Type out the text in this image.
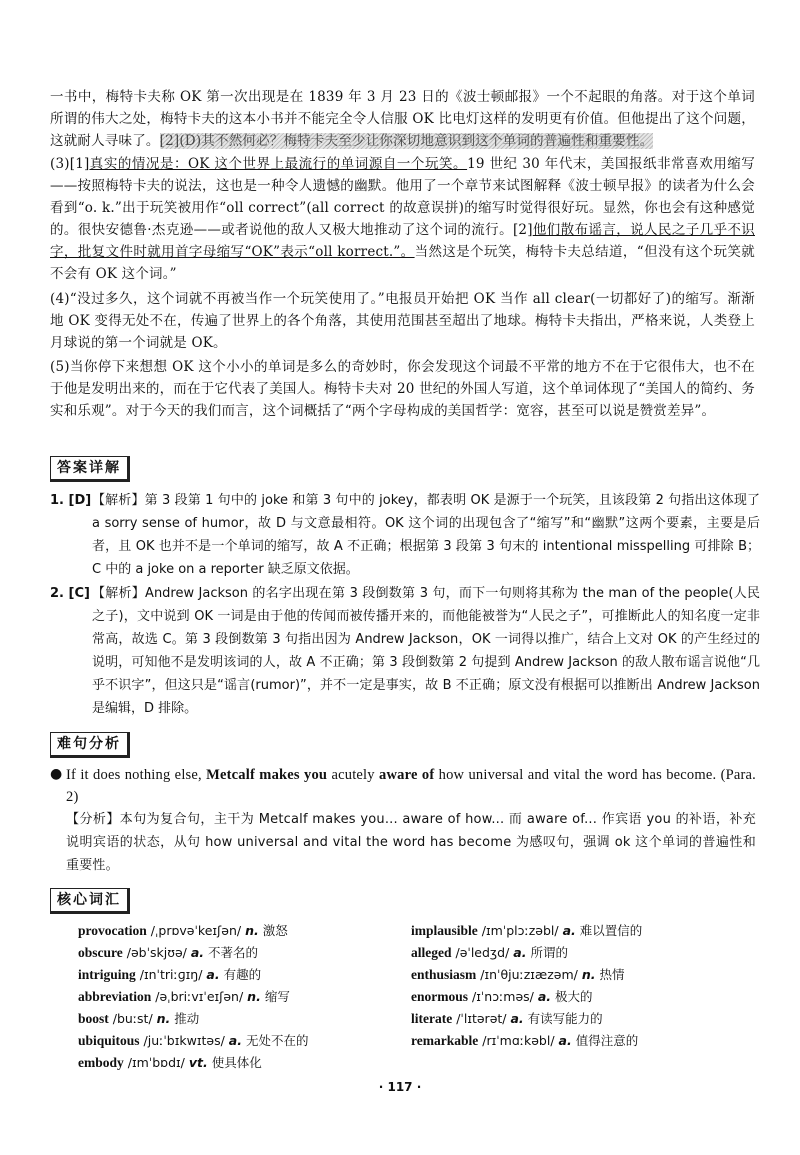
一书中，梅特卡夫称 OK 第一次出现是在 1839 年 3 月 23 日的《波士顿邮报》一个不起眼的角落。对于这个单词所谓的伟大之处，梅特卡夫的这本小书并不能完全令人信服 OK 比电灯这样的发明更有价值。但他提出了这个问题，这就耐人寻味了。[2](D)其不然何必？梅特卡夫至少让你深切地意识到这个单词的普遍性和重要性。
(3)[1]真实的情况是：OK 这个世界上最流行的单词源自一个玩笑。19 世纪 30 年代末，美国报纸非常喜欢用缩写——按照梅特卡夫的说法，这也是一种令人遗憾的幽默。他用了一个章节来试图解释《波士顿早报》的读者为什么会看到“o. k.”出于玩笑被用作“oll correct”(all correct 的故意误拼)的缩写时觉得很好玩。显然，你也会有这种感觉的。很快安德鲁·杰克逊——或者说他的敌人又极大地推动了这个词的流行。[2]他们散布谣言，说人民之子几乎不识字，批复文件时就用首字母缩写“OK”表示“oll korrect.”。当然这是个玩笑，梅特卡夫总结道，“但没有这个玩笑就不会有 OK 这个词。”
(4)“没过多久，这个词就不再被当作一个玩笑使用了。”电报员开始把 OK 当作 all clear(一切都好了)的缩写。渐渐地 OK 变得无处不在，传遍了世界上的各个角落，其使用范围甚至超出了地球。梅特卡夫指出，严格来说，人类登上月球说的第一个词就是 OK。
(5)当你停下来想想 OK 这个小小的单词是多么的奇妙时，你会发现这个词最不平常的地方不在于它很伟大，也不在于他是发明出来的，而在于它代表了美国人。梅特卡夫对 20 世纪的外国人写道，这个单词体现了“美国人的简约、务实和乐观”。对于今天的我们而言，这个词概括了“两个字母构成的美国哲学：宽容，甚至可以说是赞赏差异”。
答案详解
1. [D] 【解析】第 3 段第 1 句中的 joke 和第 3 句中的 jokey，都表明 OK 是源于一个玩笑，且该段第 2 句指出这体现了 a sorry sense of humor，故 D 与文意最相符。OK 这个词的出现包含了“缩写”和“幽默”这两个要素，主要是后者，且 OK 也并不是一个单词的缩写，故 A 不正确；根据第 3 段第 3 句末的 intentional misspelling 可排除 B；C 中的 a joke on a reporter 缺乏原文依据。
2. [C] 【解析】Andrew Jackson 的名字出现在第 3 段倒数第 3 句，而下一句则将其称为 the man of the people(人民之子)，文中说到 OK 一词是由于他的传闻而被传播开来的，而他能被誉为“人民之子”，可推断此人的知名度一定非常高，故选 C。第 3 段倒数第 3 句指出因为 Andrew Jackson，OK 一词得以推广，结合上文对 OK 的产生经过的说明，可知他不是发明该词的人，故 A 不正确；第 3 段倒数第 2 句提到 Andrew Jackson 的敌人散布谣言说他“几乎不识字”，但这只是“谣言(rumor)”，并不一定是事实，故 B 不正确；原文没有根据可以推断出 Andrew Jackson 是编辑，D 排除。
难句分析
● If it does nothing else, Metcalf makes you acutely aware of how universal and vital the word has become. (Para. 2)
【分析】本句为复合句，主干为 Metcalf makes you... aware of how... 而 aware of... 作宾语 you 的补语，补充说明宾语的状态，从句 how universal and vital the word has become 为感叹句，强调 ok 这个单词的普遍性和重要性。
核心词汇
provocation /ˌprɒvəˈkeɪʃən/ n. 激怒
obscure /əbˈskjʊə/ a. 不著名的
intriguing /ɪnˈtriːɡɪŋ/ a. 有趣的
abbreviation /əˌbriːvɪˈeɪʃən/ n. 缩写
boost /buːst/ n. 推动
ubiquitous /juːˈbɪkwɪtəs/ a. 无处不在的
embody /ɪmˈbɒdɪ/ vt. 使具体化
implausible /ɪmˈplɔːzəbl/ a. 难以置信的
alleged /əˈledʒd/ a. 所谓的
enthusiasm /ɪnˈθjuːzɪæzəm/ n. 热情
enormous /ɪˈnɔːməs/ a. 极大的
literate /ˈlɪtərət/ a. 有读写能力的
remarkable /rɪˈmɑːkəbl/ a. 值得注意的
· 117 ·
